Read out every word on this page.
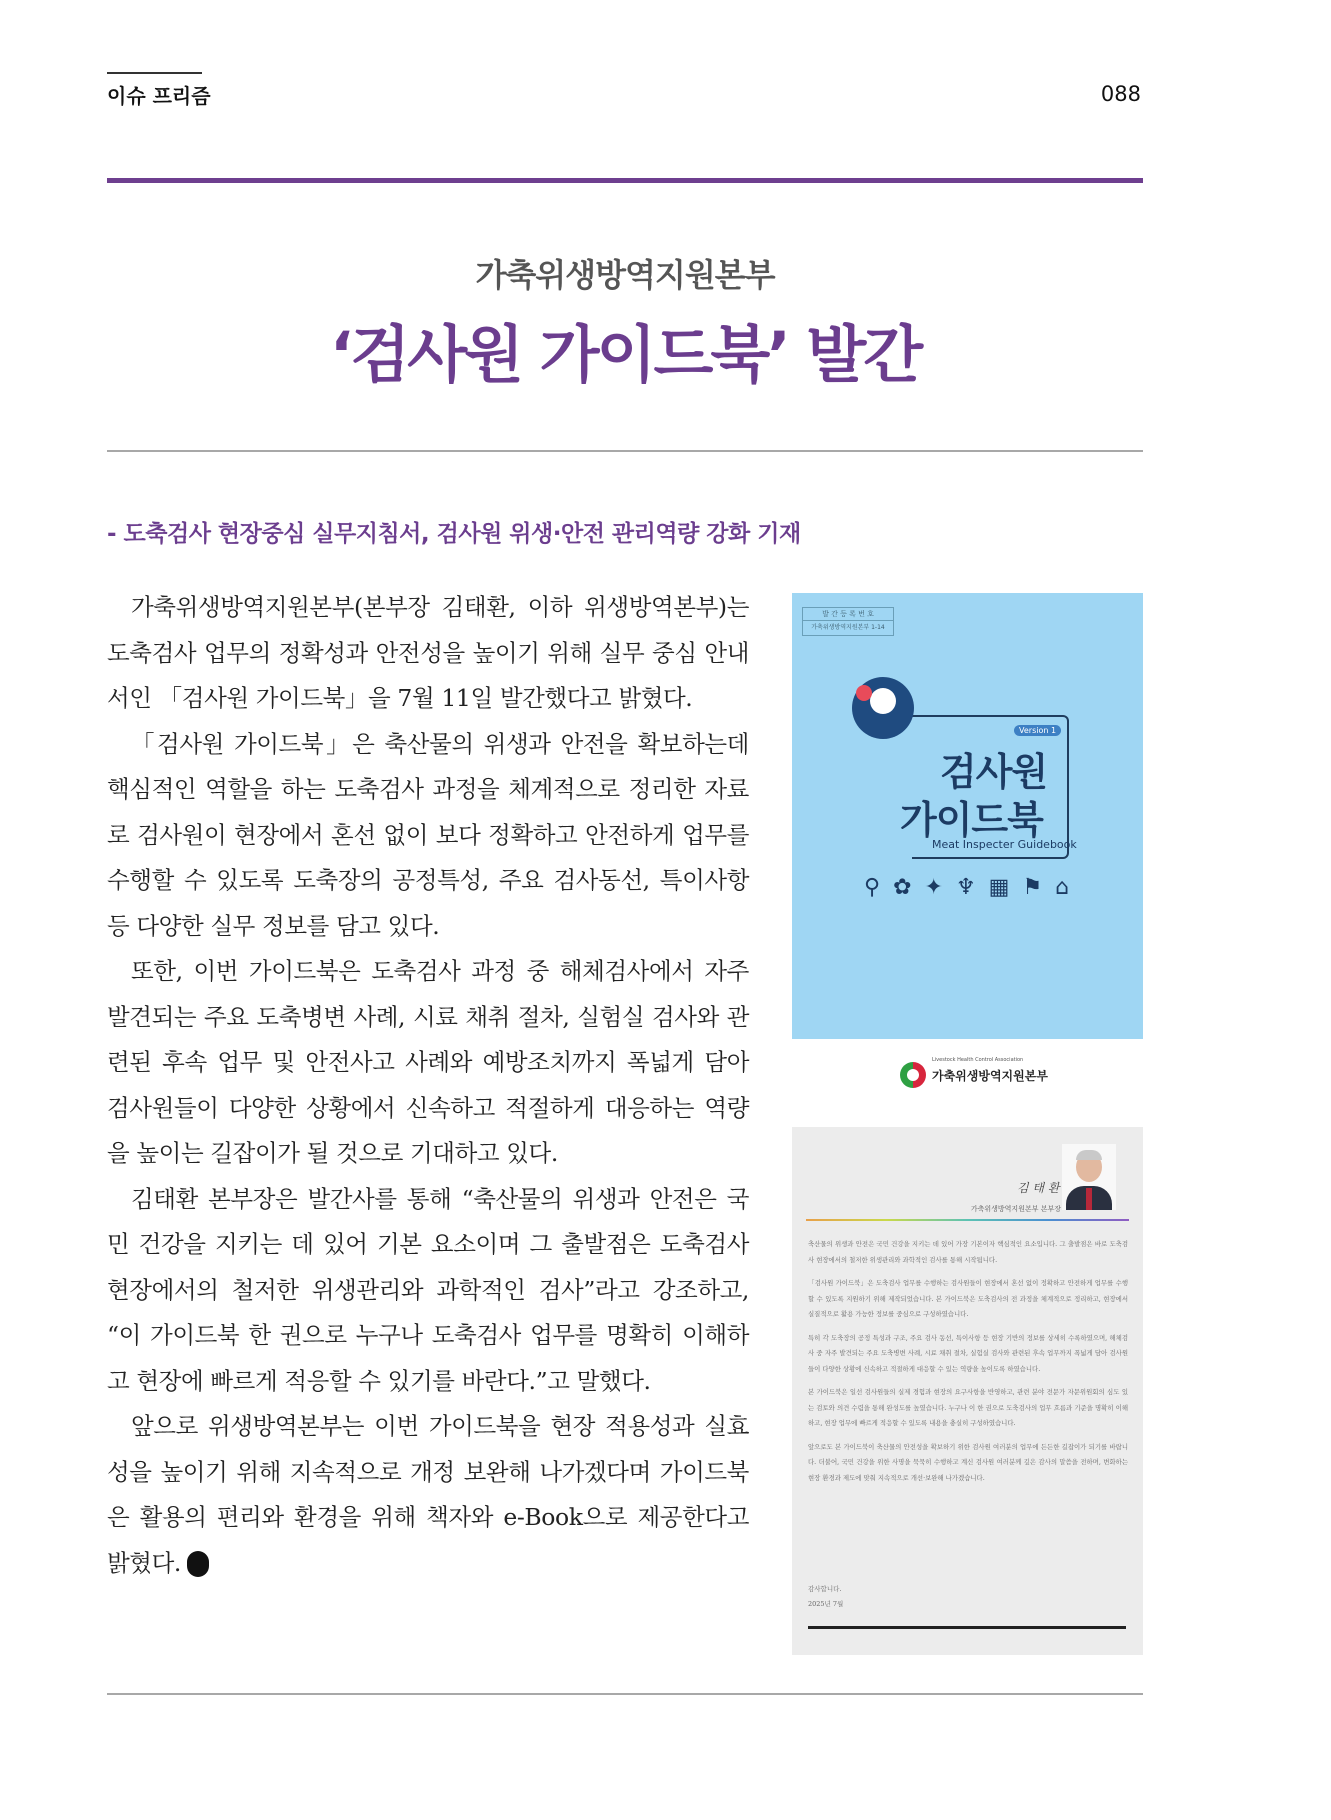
이슈 프리즘	088
가축위생방역지원본부
‘검사원 가이드북’ 발간
- 도축검사 현장중심 실무지침서, 검사원 위생·안전 관리역량 강화 기재

가축위생방역지원본부(본부장 김태환, 이하 위생방역본부)는 도축검사 업무의 정확성과 안전성을 높이기 위해 실무 중심 안내서인 「검사원 가이드북」을 7월 11일 발간했다고 밝혔다.

「검사원 가이드북」은 축산물의 위생과 안전을 확보하는데 핵심적인 역할을 하는 도축검사 과정을 체계적으로 정리한 자료로 검사원이 현장에서 혼선 없이 보다 정확하고 안전하게 업무를 수행할 수 있도록 도축장의 공정특성, 주요 검사동선, 특이사항 등 다양한 실무 정보를 담고 있다.

또한, 이번 가이드북은 도축검사 과정 중 해체검사에서 자주 발견되는 주요 도축병변 사례, 시료 채취 절차, 실험실 검사와 관련된 후속 업무 및 안전사고 사례와 예방조치까지 폭넓게 담아 검사원들이 다양한 상황에서 신속하고 적절하게 대응하는 역량을 높이는 길잡이가 될 것으로 기대하고 있다.

김태환 본부장은 발간사를 통해 “축산물의 위생과 안전은 국민 건강을 지키는 데 있어 기본 요소이며 그 출발점은 도축검사 현장에서의 철저한 위생관리와 과학적인 검사”라고 강조하고, “이 가이드북 한 권으로 누구나 도축검사 업무를 명확히 이해하고 현장에 빠르게 적응할 수 있기를 바란다.”고 말했다.

앞으로 위생방역본부는 이번 가이드북을 현장 적용성과 실효성을 높이기 위해 지속적으로 개정 보완해 나가겠다며 가이드북은 활용의 편리와 환경을 위해 책자와 e-Book으로 제공한다고 밝혔다.	축

발 간 등 록 번 호
가축위생방역지원본부 1-14
Version 1
검사원
가이드북
Meat Inspecter Guidebook
⚲ ✿ ✦ ♆ ▦ ⚑ ⌂
Livestock Health Control Association
가축위생방역지원본부
김 태 환
가축위생방역지원본부 본부장

축산물의 위생과 안전은 국민 건강을 지키는 데 있어 가장 기본이자 핵심적인 요소입니다. 그 출발점은 바로 도축검사 현장에서의 철저한 위생관리와 과학적인 검사를 통해 시작됩니다.

「검사원 가이드북」은 도축검사 업무를 수행하는 검사원들이 현장에서 혼선 없이 정확하고 안전하게 업무를 수행할 수 있도록 지원하기 위해 제작되었습니다. 본 가이드북은 도축검사의 전 과정을 체계적으로 정리하고, 현장에서 실질적으로 활용 가능한 정보를 중심으로 구성하였습니다.

특히 각 도축장의 공정 특성과 구조, 주요 검사 동선, 특이사항 등 현장 기반의 정보를 상세히 수록하였으며, 해체검사 중 자주 발견되는 주요 도축병변 사례, 시료 채취 절차, 실험실 검사와 관련된 후속 업무까지 폭넓게 담아 검사원들이 다양한 상황에 신속하고 적절하게 대응할 수 있는 역량을 높이도록 하였습니다.

본 가이드북은 일선 검사원들의 실제 경험과 현장의 요구사항을 반영하고, 관련 분야 전문가 자문위원회의 심도 있는 검토와 의견 수렴을 통해 완성도를 높였습니다. 누구나 이 한 권으로 도축검사의 업무 흐름과 기준을 명확히 이해하고, 현장 업무에 빠르게 적응할 수 있도록 내용을 충실히 구성하였습니다.

앞으로도 본 가이드북이 축산물의 안전성을 확보하기 위한 검사원 여러분의 업무에 든든한 길잡이가 되기를 바랍니다. 더불어, 국민 건강을 위한 사명을 묵묵히 수행하고 계신 검사원 여러분께 깊은 감사의 말씀을 전하며, 변화하는 현장 환경과 제도에 맞춰 지속적으로 개선·보완해 나가겠습니다.

감사합니다.
2025년 7월
